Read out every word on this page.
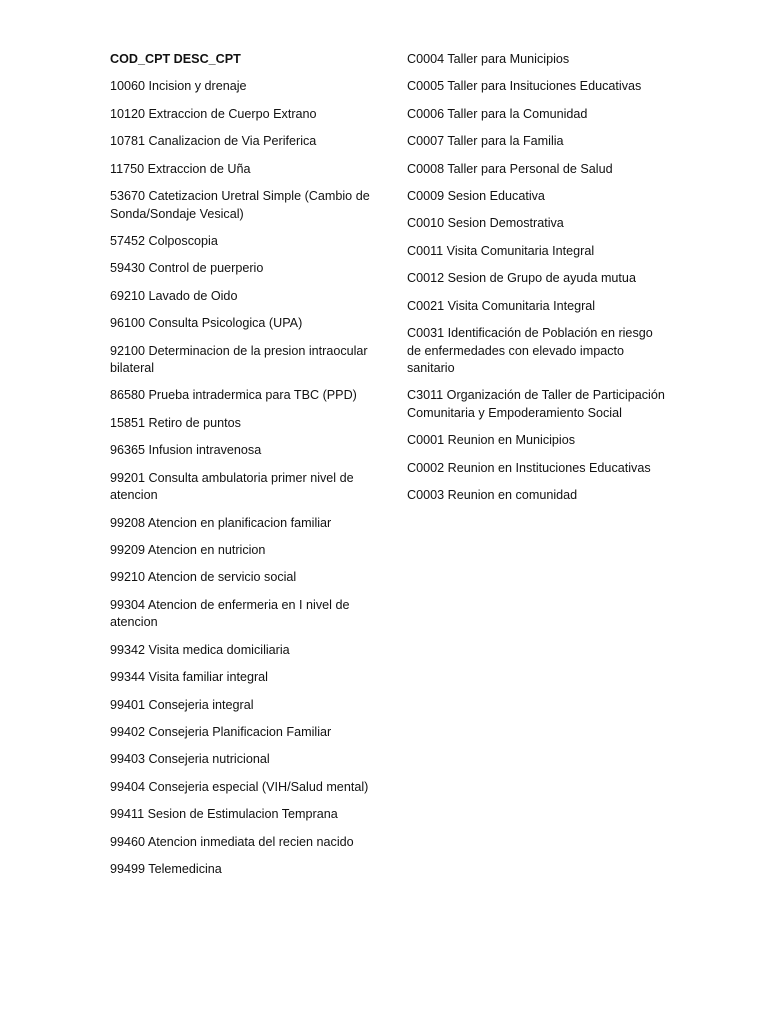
COD_CPT DESC_CPT
10060 Incision y drenaje
10120 Extraccion de Cuerpo Extrano
10781 Canalizacion de Via Periferica
11750 Extraccion de Uña
53670 Catetizacion Uretral Simple (Cambio de Sonda/Sondaje Vesical)
57452 Colposcopia
59430 Control de puerperio
69210 Lavado de Oido
96100 Consulta Psicologica (UPA)
92100 Determinacion de la presion intraocular bilateral
86580 Prueba intradermica para TBC (PPD)
15851 Retiro de puntos
96365 Infusion intravenosa
99201 Consulta ambulatoria primer nivel de atencion
99208 Atencion en planificacion familiar
99209 Atencion en nutricion
99210 Atencion de servicio social
99304 Atencion de enfermeria en I nivel de atencion
99342 Visita medica domiciliaria
99344 Visita familiar integral
99401 Consejeria integral
99402 Consejeria Planificacion Familiar
99403 Consejeria nutricional
99404 Consejeria especial (VIH/Salud mental)
99411 Sesion de Estimulacion Temprana
99460 Atencion inmediata del recien nacido
99499 Telemedicina
C0004 Taller para Municipios
C0005 Taller para Insituciones Educativas
C0006 Taller para la Comunidad
C0007 Taller para la Familia
C0008 Taller para Personal de Salud
C0009 Sesion Educativa
C0010 Sesion Demostrativa
C0011 Visita Comunitaria Integral
C0012 Sesion de Grupo de ayuda mutua
C0021 Visita Comunitaria Integral
C0031 Identificación de Población en riesgo de enfermedades con elevado impacto sanitario
C3011 Organización de Taller de Participación Comunitaria y Empoderamiento Social
C0001 Reunion en Municipios
C0002 Reunion en Instituciones Educativas
C0003 Reunion en comunidad
